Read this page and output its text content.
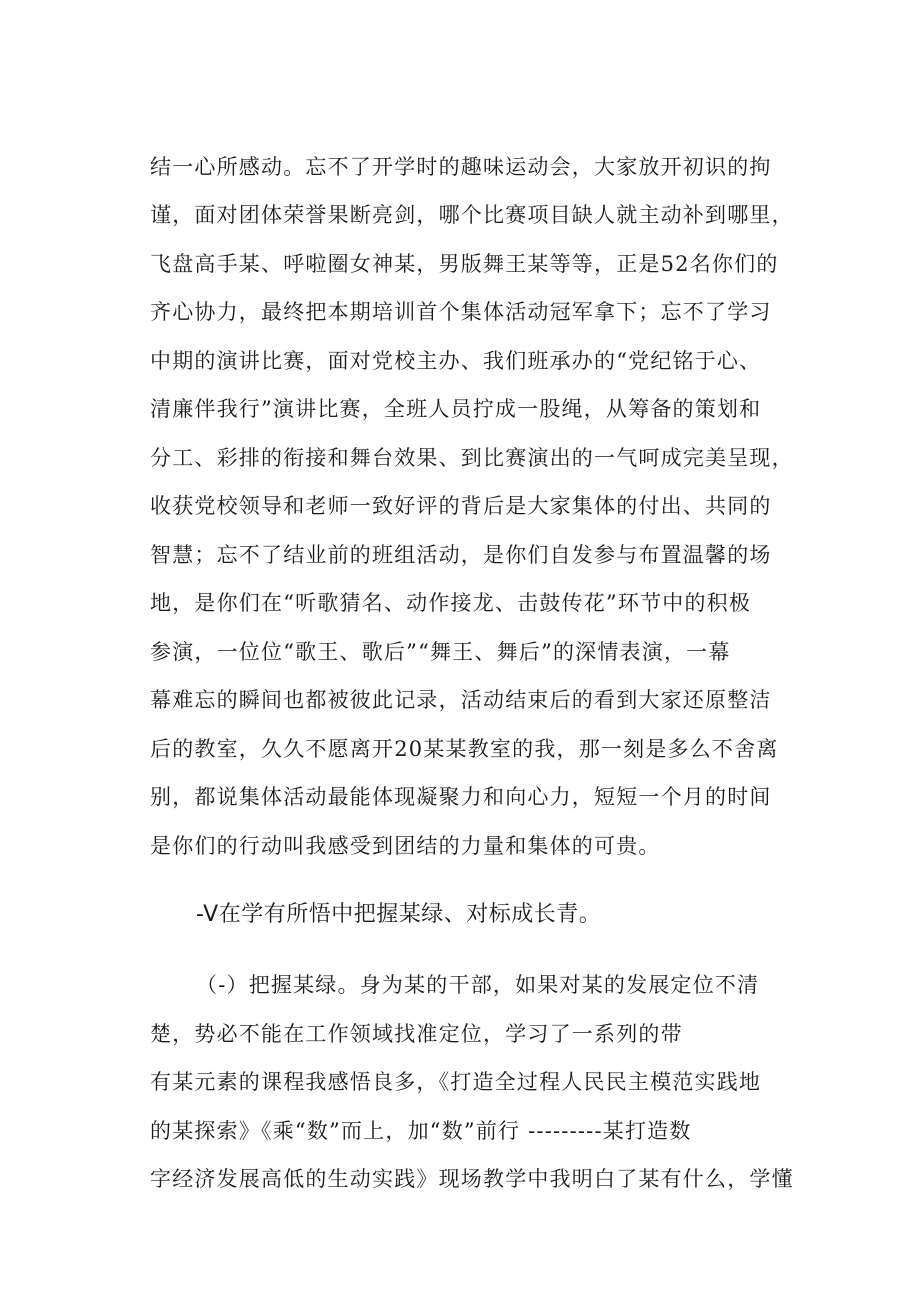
结一心所感动。忘不了开学时的趣味运动会，大家放开初识的拘
谨，面对团体荣誉果断亮剑，哪个比赛项目缺人就主动补到哪里，
飞盘高手某、呼啦圈女神某，男版舞王某等等，正是52名你们的
齐心协力，最终把本期培训首个集体活动冠军拿下；忘不了学习
中期的演讲比赛，面对党校主办、我们班承办的“党纪铭于心、
清廉伴我行”演讲比赛，全班人员拧成一股绳，从筹备的策划和
分工、彩排的衔接和舞台效果、到比赛演出的一气呵成完美呈现，
收获党校领导和老师一致好评的背后是大家集体的付出、共同的
智慧；忘不了结业前的班组活动，是你们自发参与布置温馨的场
地，是你们在“听歌猜名、动作接龙、击鼓传花”环节中的积极
参演，一位位“歌王、歌后”“舞王、舞后”的深情表演，一幕
幕难忘的瞬间也都被彼此记录，活动结束后的看到大家还原整洁
后的教室，久久不愿离开20某某教室的我，那一刻是多么不舍离
别，都说集体活动最能体现凝聚力和向心力，短短一个月的时间
是你们的行动叫我感受到团结的力量和集体的可贵。
-V在学有所悟中把握某绿、对标成长青。
（-）把握某绿。身为某的干部，如果对某的发展定位不清
楚，势必不能在工作领域找准定位，学习了一系列的带
有某元素的课程我感悟良多，《打造全过程人民民主模范实践地
的某探索》《乘“数”而上，加“数”前行 ---------某打造数
字经济发展高低的生动实践》现场教学中我明白了某有什么，学懂
